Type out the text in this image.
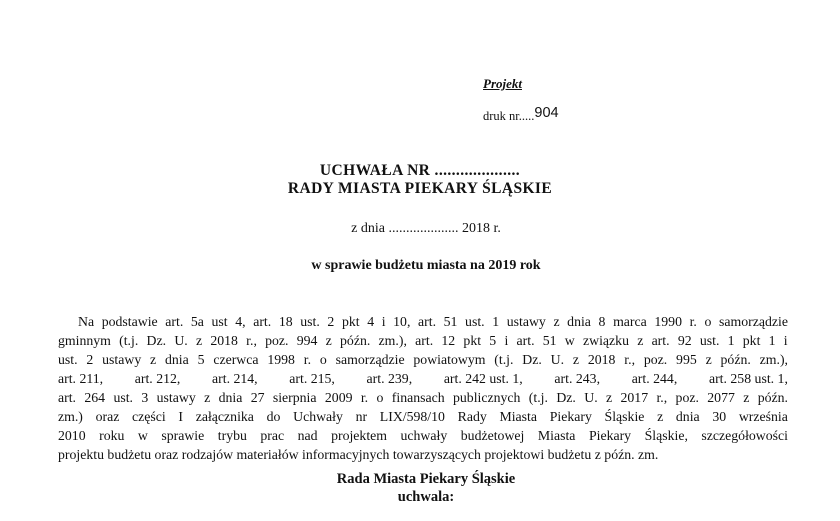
Projekt
druk nr.....904
UCHWAŁA NR ....................
RADY MIASTA PIEKARY ŚLĄSKIE
z dnia .................... 2018 r.
w sprawie budżetu miasta na 2019 rok
Na podstawie art. 5a ust 4, art. 18 ust. 2 pkt 4 i 10, art. 51 ust. 1 ustawy z dnia 8 marca 1990 r. o samorządzie
gminnym (t.j. Dz. U. z 2018 r., poz. 994 z późn. zm.), art. 12 pkt 5 i art. 51 w związku z art. 92 ust. 1 pkt 1 i
ust. 2 ustawy z dnia 5 czerwca 1998 r. o samorządzie powiatowym (t.j. Dz. U. z 2018 r., poz. 995 z późn. zm.),
art. 211, art. 212, art. 214, art. 215, art. 239, art. 242 ust. 1, art. 243, art. 244, art. 258 ust. 1,
art. 264 ust. 3 ustawy z dnia 27 sierpnia 2009 r. o finansach publicznych (t.j. Dz. U. z 2017 r., poz. 2077 z późn.
zm.) oraz części I załącznika do Uchwały nr LIX/598/10 Rady Miasta Piekary Śląskie z dnia 30 września
2010 roku w sprawie trybu prac nad projektem uchwały budżetowej Miasta Piekary Śląskie, szczegółowości
projektu budżetu oraz rodzajów materiałów informacyjnych towarzyszących projektowi budżetu z późn. zm.
Rada Miasta Piekary Śląskie
uchwala:
